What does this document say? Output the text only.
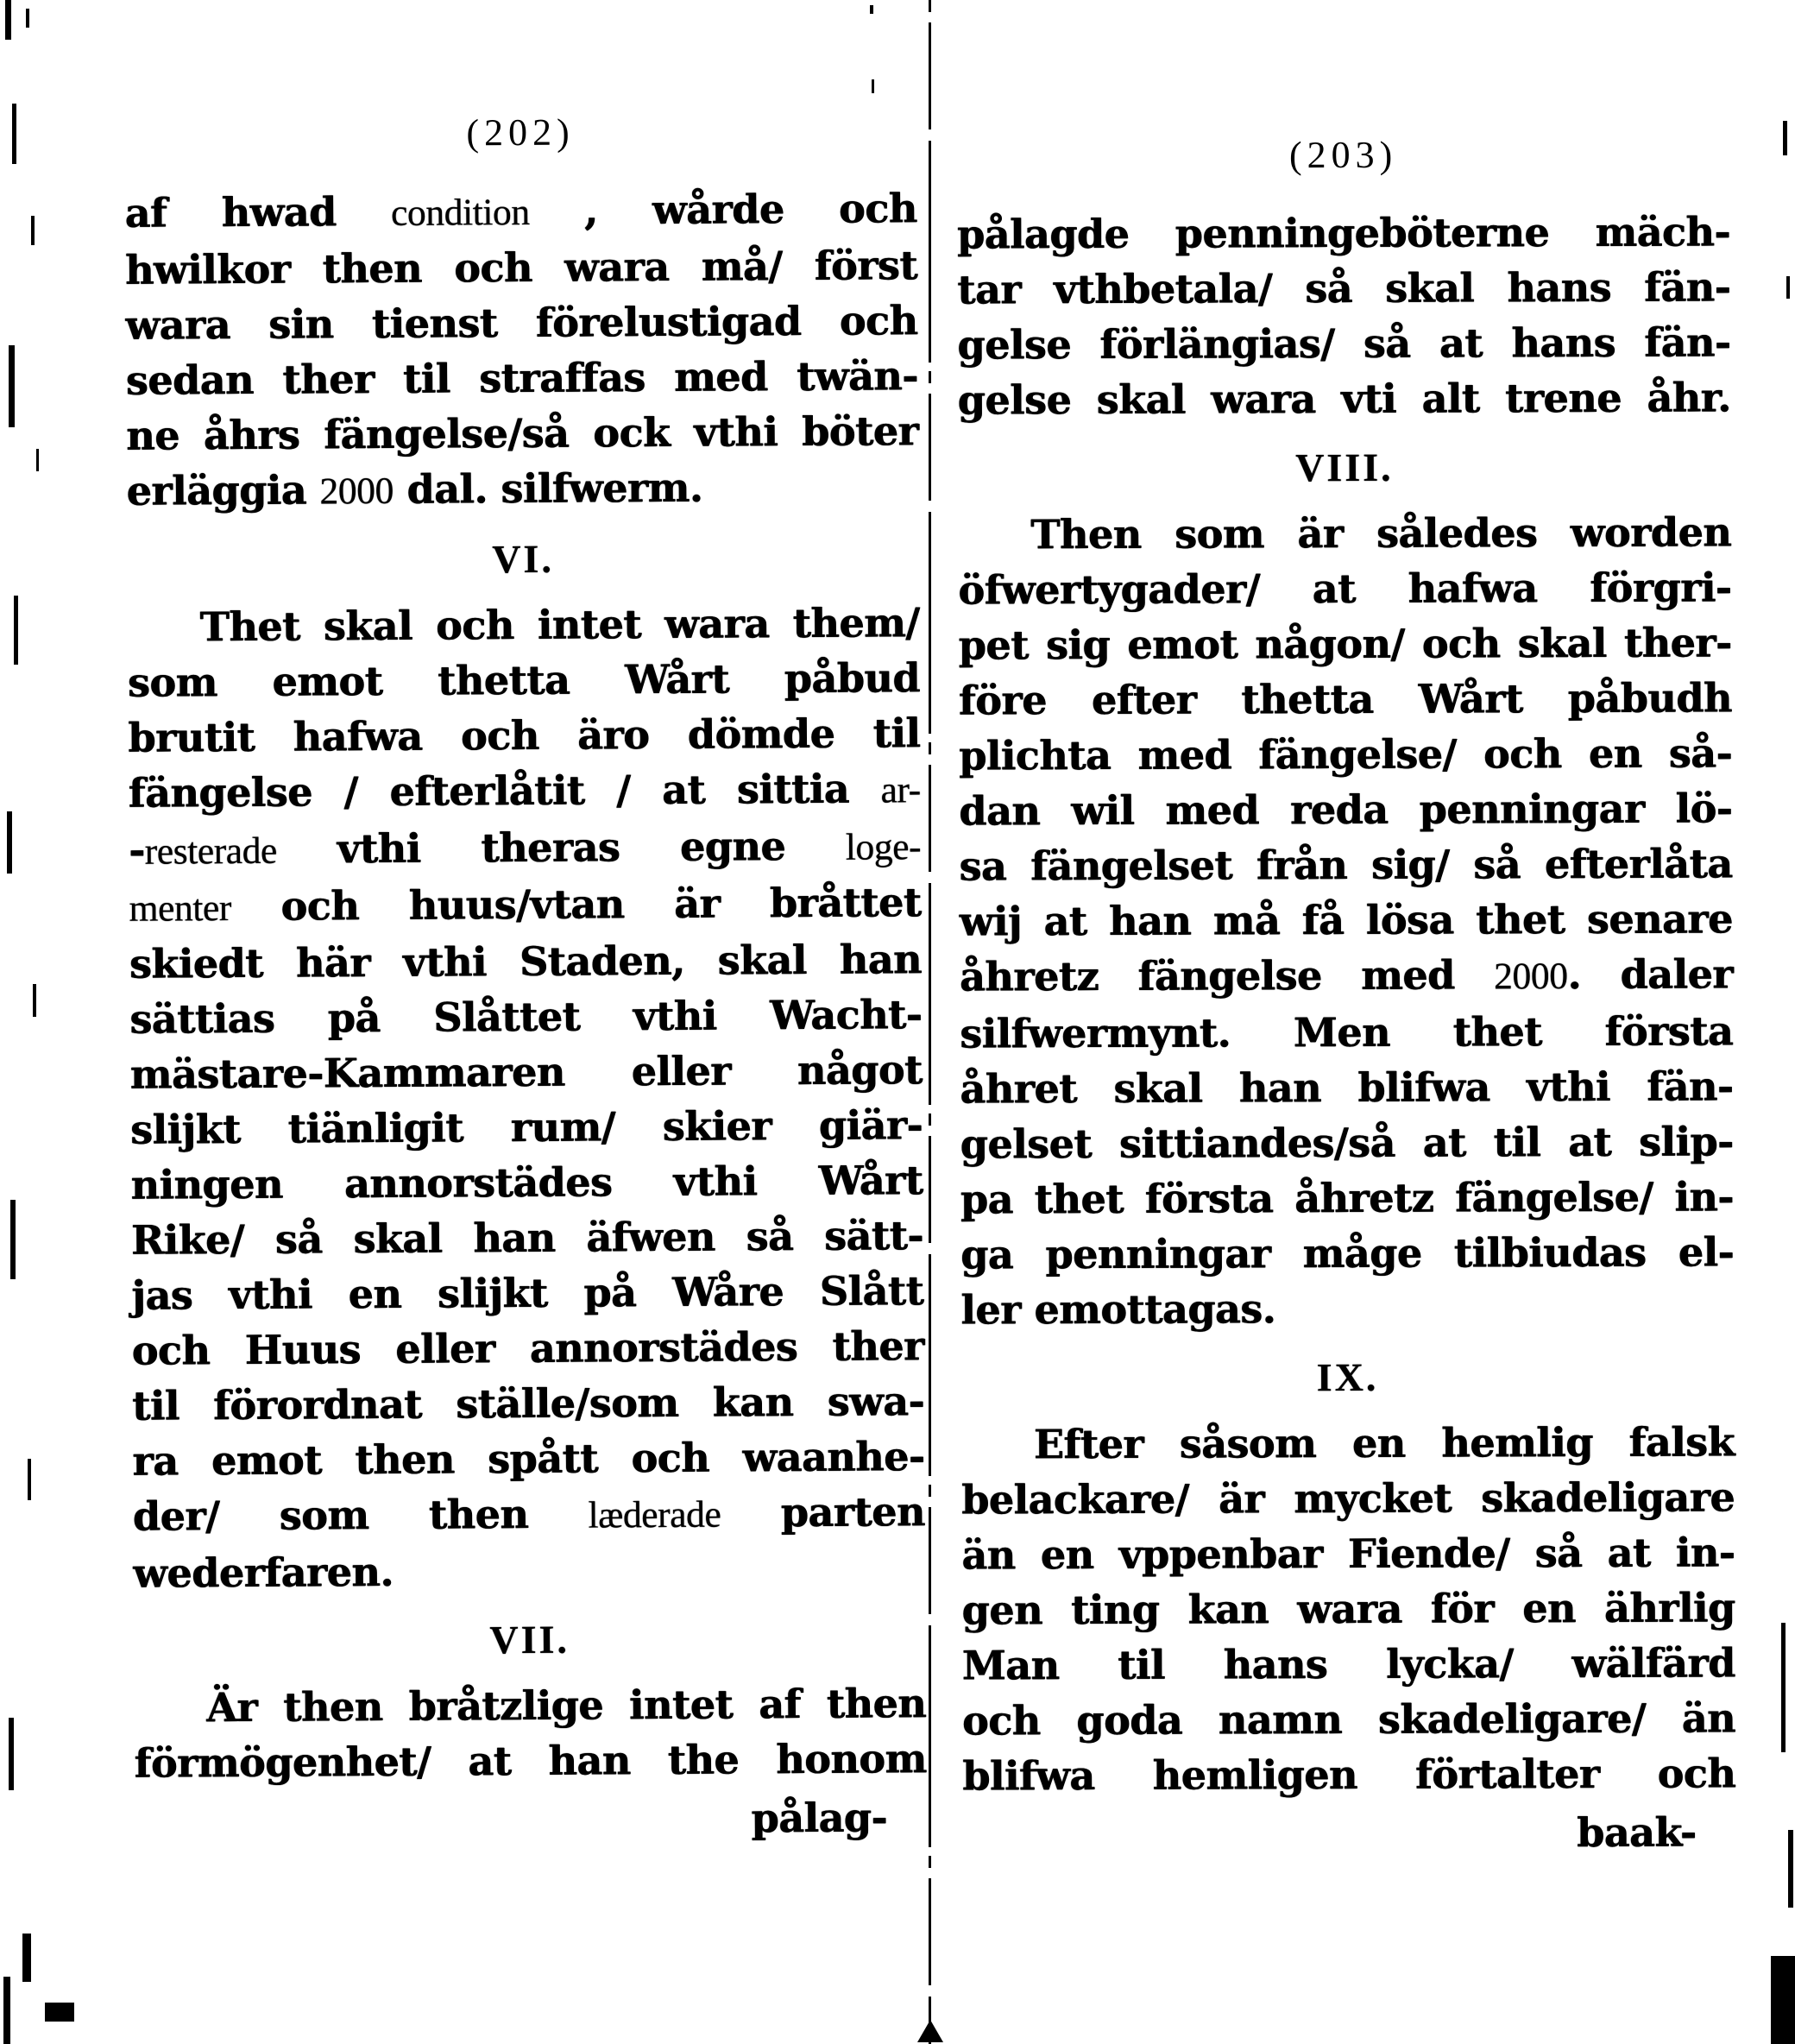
(202)
af hwad condition , wårde och
hwilkor then och wara må/ först
wara sin tienst förelustigad och
sedan ther til straffas med twän-
ne åhrs fängelse/så ock vthi böter
erläggia 2000 dal. silfwerm.
VI.
Thet skal och intet wara them/
som emot thetta Wårt påbud
brutit hafwa och äro dömde til
fängelse / efterlåtit / at sittia ar-
-resterade vthi theras egne loge-
menter och huus/vtan är bråttet
skiedt här vthi Staden, skal han
sättias på Slåttet vthi Wacht-
mästare-Kammaren eller något
slijkt tiänligit rum/ skier giär-
ningen annorstädes vthi Wårt
Rike/ så skal han äfwen så sätt-
jas vthi en slijkt på Wåre Slått
och Huus eller annorstädes ther
til förordnat ställe/som kan swa-
ra emot then spått och waanhe-
der/ som then læderade parten
wederfaren.
VII.
Är then bråtzlige intet af then
förmögenhet/ at han the honom
pålag-
(203)
pålagde penningeböterne mäch-
tar vthbetala/ så skal hans fän-
gelse förlängias/ så at hans fän-
gelse skal wara vti alt trene åhr.
VIII.
Then som är således worden
öfwertygader/ at hafwa förgri-
pet sig emot någon/ och skal ther-
före efter thetta Wårt påbudh
plichta med fängelse/ och en så-
dan wil med reda penningar lö-
sa fängelset från sig/ så efterlåta
wij at han må få lösa thet senare
åhretz fängelse med 2000. daler
silfwermynt. Men thet första
åhret skal han blifwa vthi fän-
gelset sittiandes/så at til at slip-
pa thet första åhretz fängelse/ in-
ga penningar måge tilbiudas el-
ler emottagas.
IX.
Efter såsom en hemlig falsk
belackare/ är mycket skadeligare
än en vppenbar Fiende/ så at in-
gen ting kan wara för en ährlig
Man til hans lycka/ wälfärd
och goda namn skadeligare/ än
blifwa hemligen förtalter och
baak-
